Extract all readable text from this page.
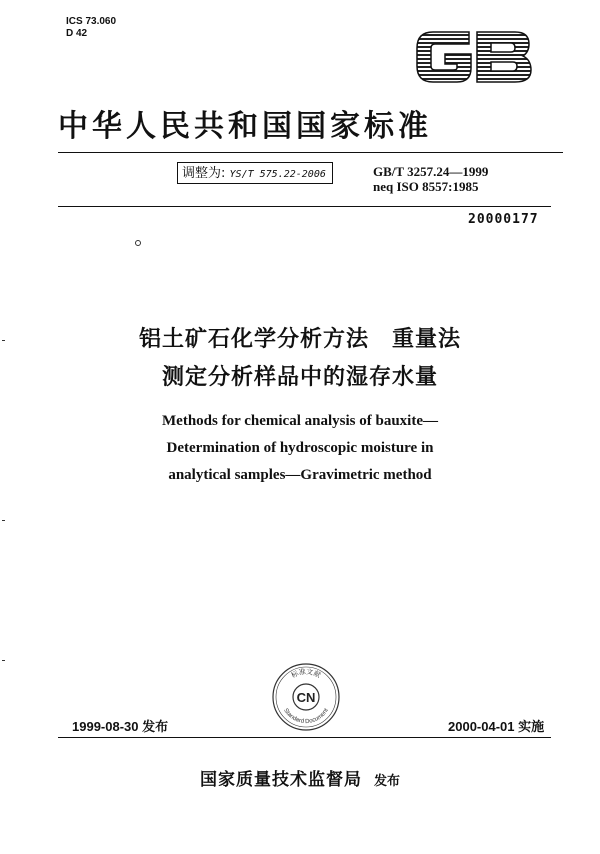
ICS 73.060
D 42
GB
中华人民共和国国家标准
调整为: YS/T 575.22-2006	GB/T 3257.24—1999
neq ISO 8557:1985
20000177
铝土矿石化学分析方法　重量法
测定分析样品中的湿存水量
Methods for chemical analysis of bauxite—
Determination of hydroscopic moisture in
analytical samples—Gravimetric method
标准文献
Standard Document
CN
1999-08-30 发布	2000-04-01 实施
国家质量技术监督局 发布
